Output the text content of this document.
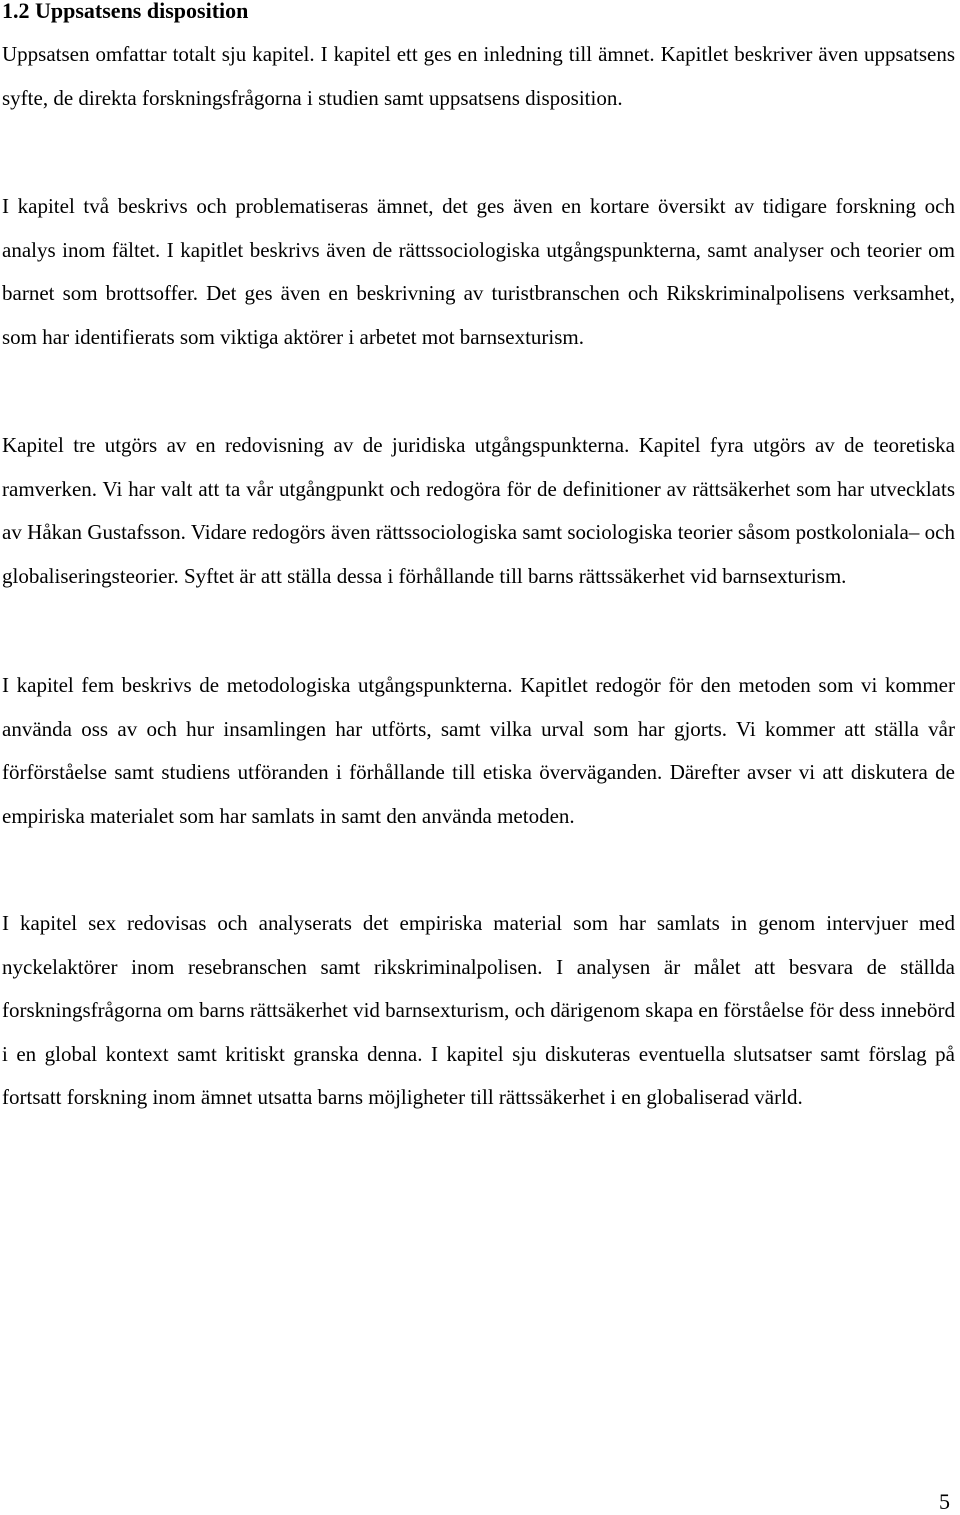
1.2 Uppsatsens disposition

Uppsatsen omfattar totalt sju kapitel. I kapitel ett ges en inledning till ämnet. Kapitlet beskriver även uppsatsens syfte, de direkta forskningsfrågorna i studien samt uppsatsens disposition.

I kapitel två beskrivs och problematiseras ämnet, det ges även en kortare översikt av tidigare forskning och analys inom fältet. I kapitlet beskrivs även de rättssociologiska utgångspunkterna, samt analyser och teorier om barnet som brottsoffer. Det ges även en beskrivning av turistbranschen och Rikskriminalpolisens verksamhet, som har identifierats som viktiga aktörer i arbetet mot barnsexturism.

Kapitel tre utgörs av en redovisning av de juridiska utgångspunkterna. Kapitel fyra utgörs av de teoretiska ramverken. Vi har valt att ta vår utgångpunkt och redogöra för de definitioner av rättsäkerhet som har utvecklats av Håkan Gustafsson. Vidare redogörs även rättssociologiska samt sociologiska teorier såsom postkoloniala– och globaliseringsteorier. Syftet är att ställa dessa i förhållande till barns rättssäkerhet vid barnsexturism.

I kapitel fem beskrivs de metodologiska utgångspunkterna. Kapitlet redogör för den metoden som vi kommer använda oss av och hur insamlingen har utförts, samt vilka urval som har gjorts. Vi kommer att ställa vår förförståelse samt studiens utföranden i förhållande till etiska överväganden. Därefter avser vi att diskutera de empiriska materialet som har samlats in samt den använda metoden.

I kapitel sex redovisas och analyserats det empiriska material som har samlats in genom intervjuer med nyckelaktörer inom resebranschen samt rikskriminalpolisen. I analysen är målet att besvara de ställda forskningsfrågorna om barns rättsäkerhet vid barnsexturism, och därigenom skapa en förståelse för dess innebörd i en global kontext samt kritiskt granska denna. I kapitel sju diskuteras eventuella slutsatser samt förslag på fortsatt forskning inom ämnet utsatta barns möjligheter till rättssäkerhet i en globaliserad värld.

5
